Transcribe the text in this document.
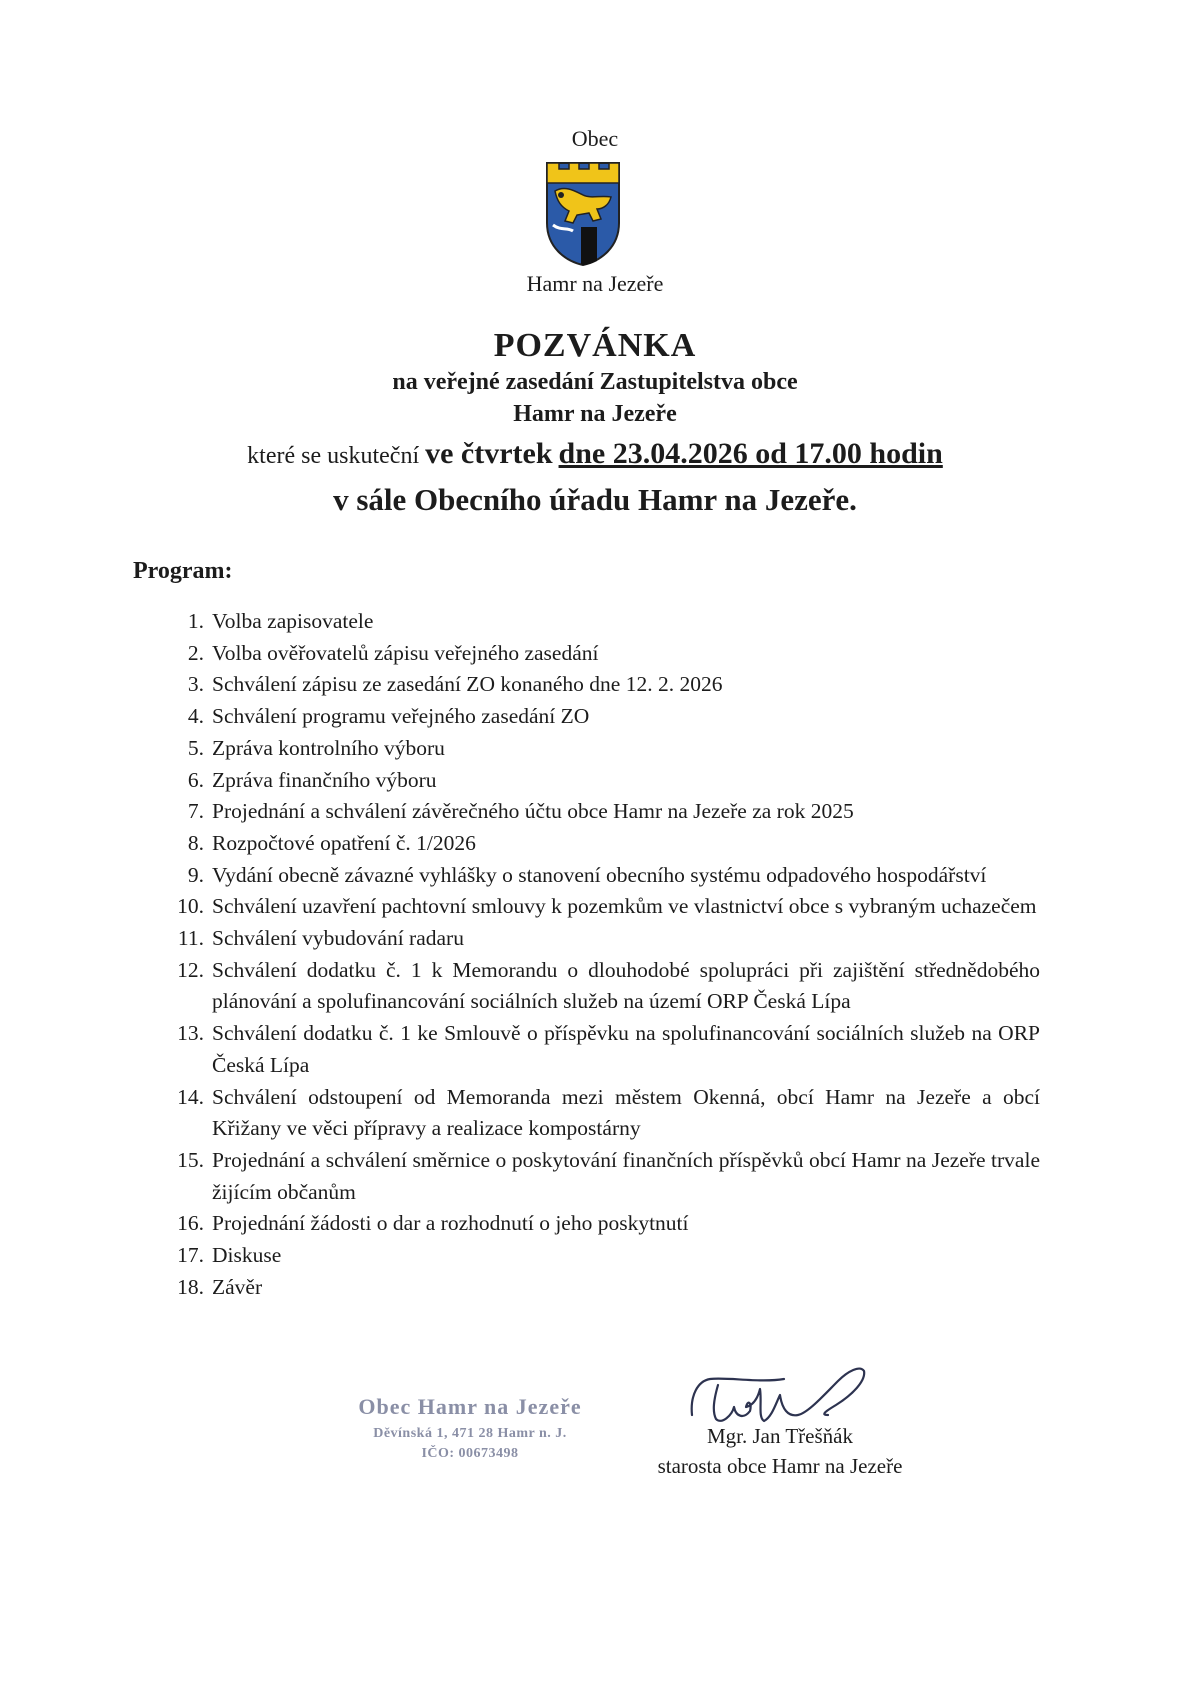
Obec
Hamr na Jezeře
POZVÁNKA
na veřejné zasedání Zastupitelstva obce
Hamr na Jezeře
které se uskuteční ve čtvrtek dne 23.04.2026 od 17.00 hodin
v sále Obecního úřadu Hamr na Jezeře.
Program:
1. Volba zapisovatele
2. Volba ověřovatelů zápisu veřejného zasedání
3. Schválení zápisu ze zasedání ZO konaného dne 12. 2. 2026
4. Schválení programu veřejného zasedání ZO
5. Zpráva kontrolního výboru
6. Zpráva finančního výboru
7. Projednání a schválení závěrečného účtu obce Hamr na Jezeře za rok 2025
8. Rozpočtové opatření č. 1/2026
9. Vydání obecně závazné vyhlášky o stanovení obecního systému odpadového hospodářství
10. Schválení uzavření pachtovní smlouvy k pozemkům ve vlastnictví obce s vybraným uchazečem
11. Schválení vybudování radaru
12. Schválení dodatku č. 1 k Memorandu o dlouhodobé spolupráci při zajištění střednědobého plánování a spolufinancování sociálních služeb na území ORP Česká Lípa
13. Schválení dodatku č. 1 ke Smlouvě o příspěvku na spolufinancování sociálních služeb na ORP Česká Lípa
14. Schválení odstoupení od Memoranda mezi městem Okenná, obcí Hamr na Jezeře a obcí Křižany ve věci přípravy a realizace kompostárny
15. Projednání a schválení směrnice o poskytování finančních příspěvků obcí Hamr na Jezeře trvale žijícím občanům
16. Projednání žádosti o dar a rozhodnutí o jeho poskytnutí
17. Diskuse
18. Závěr
Obec Hamr na Jezeře
Děvínská 1, 471 28 Hamr n. J.
IČO: 00673498
Mgr. Jan Třešňák
starosta obce Hamr na Jezeře
